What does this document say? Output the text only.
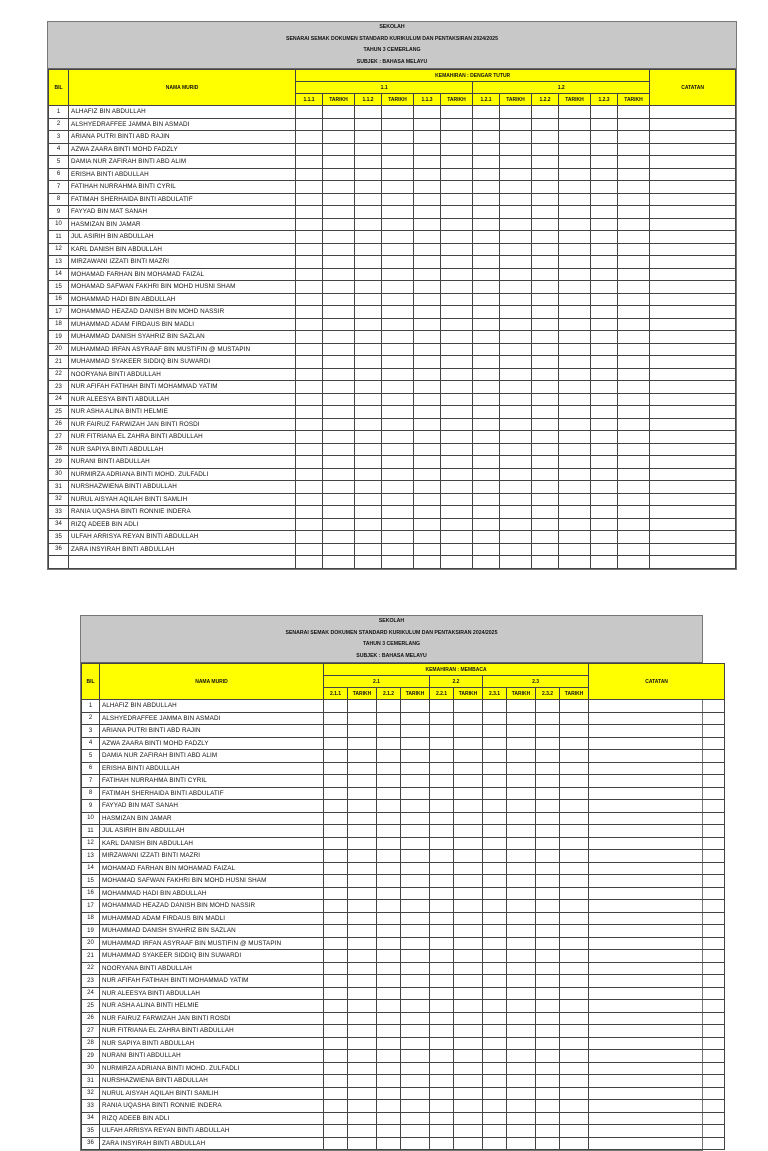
SEKOLAH
SENARAI SEMAK DOKUMEN STANDARD KURIKULUM DAN PENTAKSIRAN 2024/2025
TAHUN 3 CEMERLANG
SUBJEK : BAHASA MELAYU
BIL	NAMA MURID	KEMAHIRAN : DENGAR TUTUR												CATATAN
		1.1						1.2						
		1.1.1	TARIKH	1.1.2	TARIKH	1.1.3	TARIKH	1.2.1	TARIKH	1.2.2	TARIKH	1.2.3	TARIKH	
1	ALHAFIZ BIN ABDULLAH													
2	ALSHYEDRAFFEE JAMMA BIN ASMADI													
3	ARIANA PUTRI BINTI ABD RAJIN													
4	AZWA ZAARA BINTI MOHD FADZLY													
5	DAMIA NUR ZAFIRAH BINTI ABD ALIM													
6	ERISHA BINTI ABDULLAH													
7	FATIHAH NURRAHMA BINTI CYRIL													
8	FATIMAH SHERHAIDA BINTI ABDULATIF													
9	FAYYAD BIN MAT SANAH													
10	HASMIZAN BIN JAMAR													
11	JUL ASIRIH BIN ABDULLAH													
12	KARL DANISH BIN ABDULLAH													
13	MIRZAWANI IZZATI BINTI MAZRI													
14	MOHAMAD FARHAN BIN MOHAMAD FAIZAL													
15	MOHAMAD SAFWAN FAKHRI BIN MOHD HUSNI SHAM													
16	MOHAMMAD HADI BIN ABDULLAH													
17	MOHAMMAD HEAZAD DANISH BIN MOHD NASSIR													
18	MUHAMMAD ADAM FIRDAUS BIN MADLI													
19	MUHAMMAD DANISH SYAHRIZ BIN SAZLAN													
20	MUHAMMAD IRFAN ASYRAAF BIN MUSTIFIN @ MUSTAPIN													
21	MUHAMMAD SYAKEER SIDDIQ BIN SUWARDI													
22	NOORYANA BINTI ABDULLAH													
23	NUR AFIFAH FATIHAH BINTI MOHAMMAD YATIM													
24	NUR ALEESYA BINTI ABDULLAH													
25	NUR ASHA ALINA BINTI HELMIE													
26	NUR FAIRUZ FARWIZAH JAN BINTI ROSDI													
27	NUR FITRIANA EL ZAHRA BINTI ABDULLAH													
28	NUR SAPIYA BINTI ABDULLAH													
29	NURANI BINTI ABDULLAH													
30	NURMIRZA ADRIANA BINTI MOHD. ZULFADLI													
31	NURSHAZWIENA BINTI ABDULLAH													
32	NURUL AISYAH AQILAH BINTI SAMLIH													
33	RANIA UQASHA BINTI RONNIE INDERA													
34	RIZQ ADEEB BIN ADLI													
35	ULFAH ARRISYA REYAN BINTI ABDULLAH													
36	ZARA INSYIRAH BINTI ABDULLAH													

SEKOLAH
SENARAI SEMAK DOKUMEN STANDARD KURIKULUM DAN PENTAKSIRAN 2024/2025
TAHUN 3 CEMERLANG
SUBJEK : BAHASA MELAYU
BIL	NAMA MURID	KEMAHIRAN : MEMBACA										CATATAN
		2.1				2.2		2.3				
		2.1.1	TARIKH	2.1.2	TARIKH	2.2.1	TARIKH	2.3.1	TARIKH	2.3.2	TARIKH	
1	ALHAFIZ BIN ABDULLAH											
2	ALSHYEDRAFFEE JAMMA BIN ASMADI											
3	ARIANA PUTRI BINTI ABD RAJIN											
4	AZWA ZAARA BINTI MOHD FADZLY											
5	DAMIA NUR ZAFIRAH BINTI ABD ALIM											
6	ERISHA BINTI ABDULLAH											
7	FATIHAH NURRAHMA BINTI CYRIL											
8	FATIMAH SHERHAIDA BINTI ABDULATIF											
9	FAYYAD BIN MAT SANAH											
10	HASMIZAN BIN JAMAR											
11	JUL ASIRIH BIN ABDULLAH											
12	KARL DANISH BIN ABDULLAH											
13	MIRZAWANI IZZATI BINTI MAZRI											
14	MOHAMAD FARHAN BIN MOHAMAD FAIZAL											
15	MOHAMAD SAFWAN FAKHRI BIN MOHD HUSNI SHAM											
16	MOHAMMAD HADI BIN ABDULLAH											
17	MOHAMMAD HEAZAD DANISH BIN MOHD NASSIR											
18	MUHAMMAD ADAM FIRDAUS BIN MADLI											
19	MUHAMMAD DANISH SYAHRIZ BIN SAZLAN											
20	MUHAMMAD IRFAN ASYRAAF BIN MUSTIFIN @ MUSTAPIN											
21	MUHAMMAD SYAKEER SIDDIQ BIN SUWARDI											
22	NOORYANA BINTI ABDULLAH											
23	NUR AFIFAH FATIHAH BINTI MOHAMMAD YATIM											
24	NUR ALEESYA BINTI ABDULLAH											
25	NUR ASHA ALINA BINTI HELMIE											
26	NUR FAIRUZ FARWIZAH JAN BINTI ROSDI											
27	NUR FITRIANA EL ZAHRA BINTI ABDULLAH											
28	NUR SAPIYA BINTI ABDULLAH											
29	NURANI BINTI ABDULLAH											
30	NURMIRZA ADRIANA BINTI MOHD. ZULFADLI											
31	NURSHAZWIENA BINTI ABDULLAH											
32	NURUL AISYAH AQILAH BINTI SAMLIH											
33	RANIA UQASHA BINTI RONNIE INDERA											
34	RIZQ ADEEB BIN ADLI											
35	ULFAH ARRISYA REYAN BINTI ABDULLAH											
36	ZARA INSYIRAH BINTI ABDULLAH											
